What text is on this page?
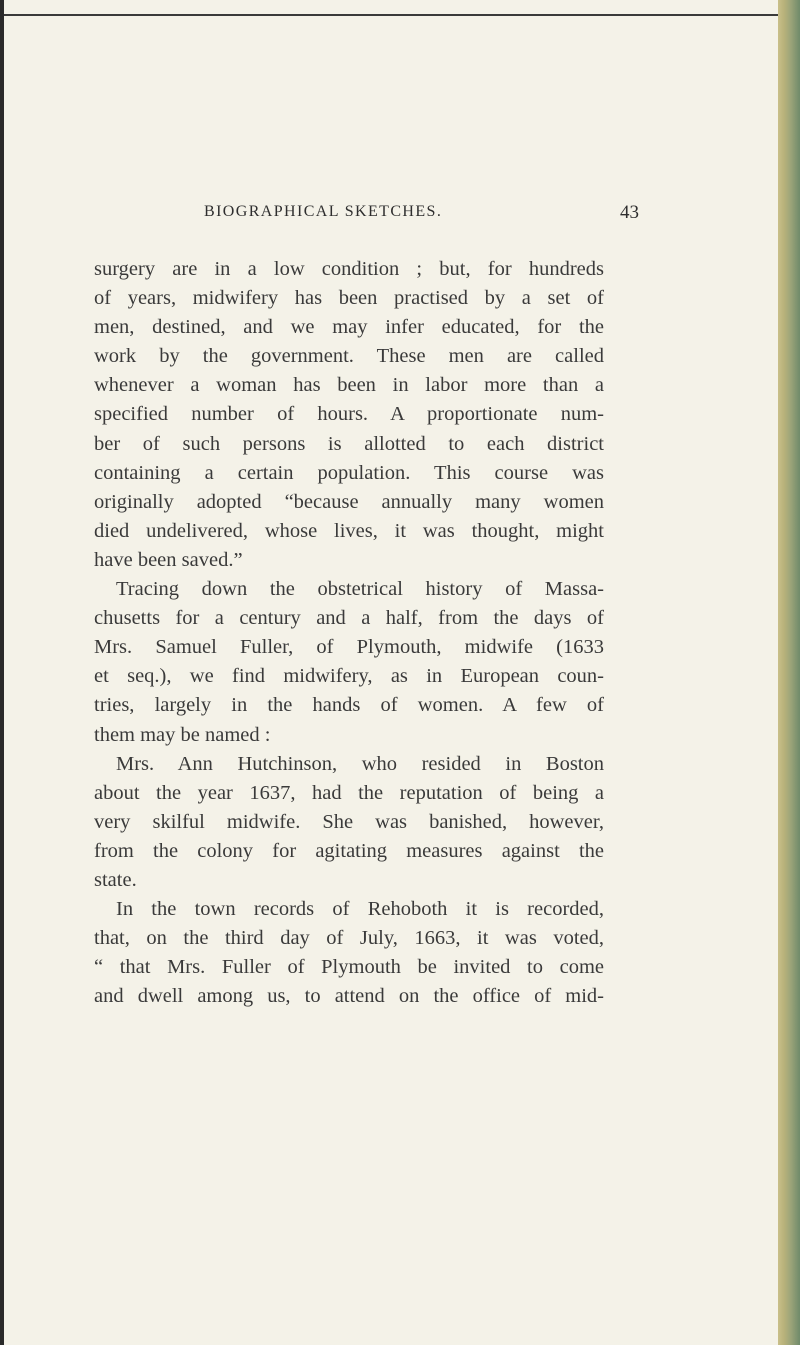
BIOGRAPHICAL SKETCHES.	43
surgery are in a low condition ; but, for hundreds
of years, midwifery has been practised by a set of
men, destined, and we may infer educated, for the
work by the government. These men are called
whenever a woman has been in labor more than a
specified number of hours. A proportionate num-
ber of such persons is allotted to each district
containing a certain population. This course was
originally adopted “because annually many women
died undelivered, whose lives, it was thought, might
have been saved.”
Tracing down the obstetrical history of Massa-
chusetts for a century and a half, from the days of
Mrs. Samuel Fuller, of Plymouth, midwife (1633
et seq.), we find midwifery, as in European coun-
tries, largely in the hands of women. A few of
them may be named :
Mrs. Ann Hutchinson, who resided in Boston
about the year 1637, had the reputation of being a
very skilful midwife. She was banished, however,
from the colony for agitating measures against the
state.
In the town records of Rehoboth it is recorded,
that, on the third day of July, 1663, it was voted,
“ that Mrs. Fuller of Plymouth be invited to come
and dwell among us, to attend on the office of mid-
